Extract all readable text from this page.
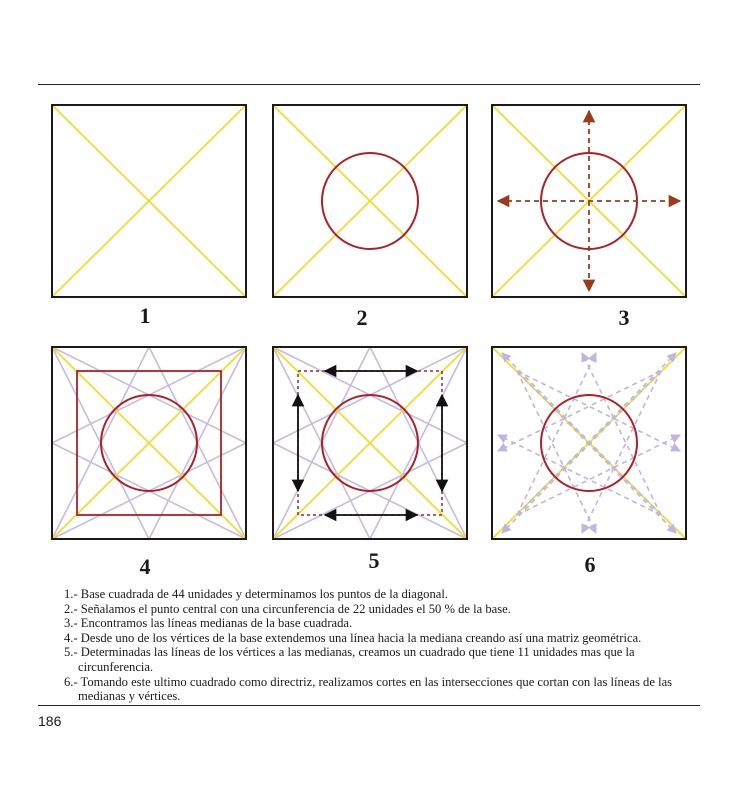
1	2	3
4	5	6
1.- Base cuadrada de 44 unidades y determinamos los puntos de la diagonal.
2.- Señalamos el punto central con una circunferencia de 22 unidades el 50 % de la base.
3.- Encontramos las líneas medianas de la base cuadrada.
4.- Desde uno de los vértices de la base extendemos una línea hacia la mediana creando así una matriz geométrica.
5.- Determinadas las líneas de los vértices a las medianas, creamos un cuadrado que tiene 11 unidades mas que la circunferencia.
6.- Tomando este ultimo cuadrado como directriz, realizamos cortes en las intersecciones que cortan con las líneas de las medianas y vértices.
186
